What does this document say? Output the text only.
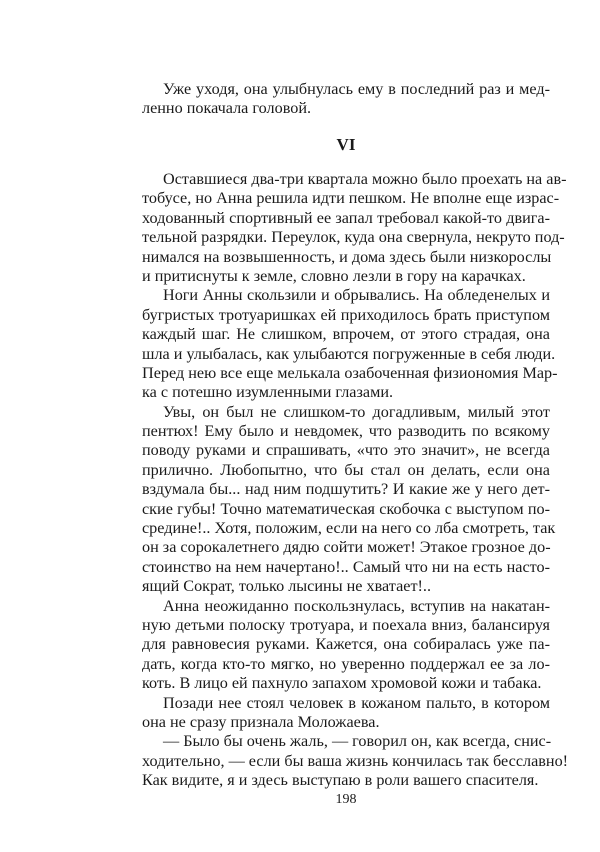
Уже уходя, она улыбнулась ему в последний раз и мед-
ленно покачала головой.
VI
Оставшиеся два-три квартала можно было проехать на ав-
тобусе, но Анна решила идти пешком. Не вполне еще израс-
ходованный спортивный ее запал требовал какой-то двига-
тельной разрядки. Переулок, куда она свернула, некруто под-
нимался на возвышенность, и дома здесь были низкорослы
и притиснуты к земле, словно лезли в гору на карачках.
Ноги Анны скользили и обрывались. На обледенелых и
бугристых тротуаришках ей приходилось брать приступом
каждый шаг. Не слишком, впрочем, от этого страдая, она
шла и улыбалась, как улыбаются погруженные в себя люди.
Перед нею все еще мелькала озабоченная физиономия Мар-
ка с потешно изумленными глазами.
Увы, он был не слишком-то догадливым, милый этот
пентюх! Ему было и невдомек, что разводить по всякому
поводу руками и спрашивать, «что это значит», не всегда
прилично. Любопытно, что бы стал он делать, если она
вздумала бы... над ним подшутить? И какие же у него дет-
ские губы! Точно математическая скобочка с выступом по-
средине!.. Хотя, положим, если на него со лба смотреть, так
он за сорокалетнего дядю сойти может! Этакое грозное до-
стоинство на нем начертано!.. Самый что ни на есть насто-
ящий Сократ, только лысины не хватает!..
Анна неожиданно поскользнулась, вступив на накатан-
ную детьми полоску тротуара, и поехала вниз, балансируя
для равновесия руками. Кажется, она собиралась уже па-
дать, когда кто-то мягко, но уверенно поддержал ее за ло-
коть. В лицо ей пахнуло запахом хромовой кожи и табака.
Позади нее стоял человек в кожаном пальто, в котором
она не сразу признала Моложаева.
— Было бы очень жаль, — говорил он, как всегда, снис-
ходительно, — если бы ваша жизнь кончилась так бесславно!
Как видите, я и здесь выступаю в роли вашего спасителя.
198
